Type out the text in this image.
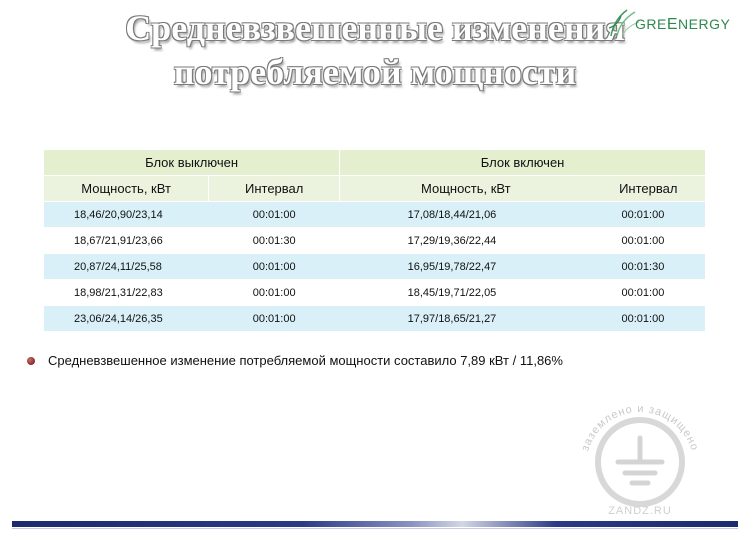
Средневзвешенные изменения
потребляемой мощности
GREENERGY
Блок выключен		Блок включен	
Мощность, кВт	Интервал	Мощность, кВт	Интервал
18,46/20,90/23,14	00:01:00	17,08/18,44/21,06	00:01:00
18,67/21,91/23,66	00:01:30	17,29/19,36/22,44	00:01:00
20,87/24,11/25,58	00:01:00	16,95/19,78/22,47	00:01:30
18,98/21,31/22,83	00:01:00	18,45/19,71/22,05	00:01:00
23,06/24,14/26,35	00:01:00	17,97/18,65/21,27	00:01:00
Средневзвешенное изменение потребляемой мощности составило 7,89 кВт / 11,86%
заземлено и защищено
ZANDZ.RU
